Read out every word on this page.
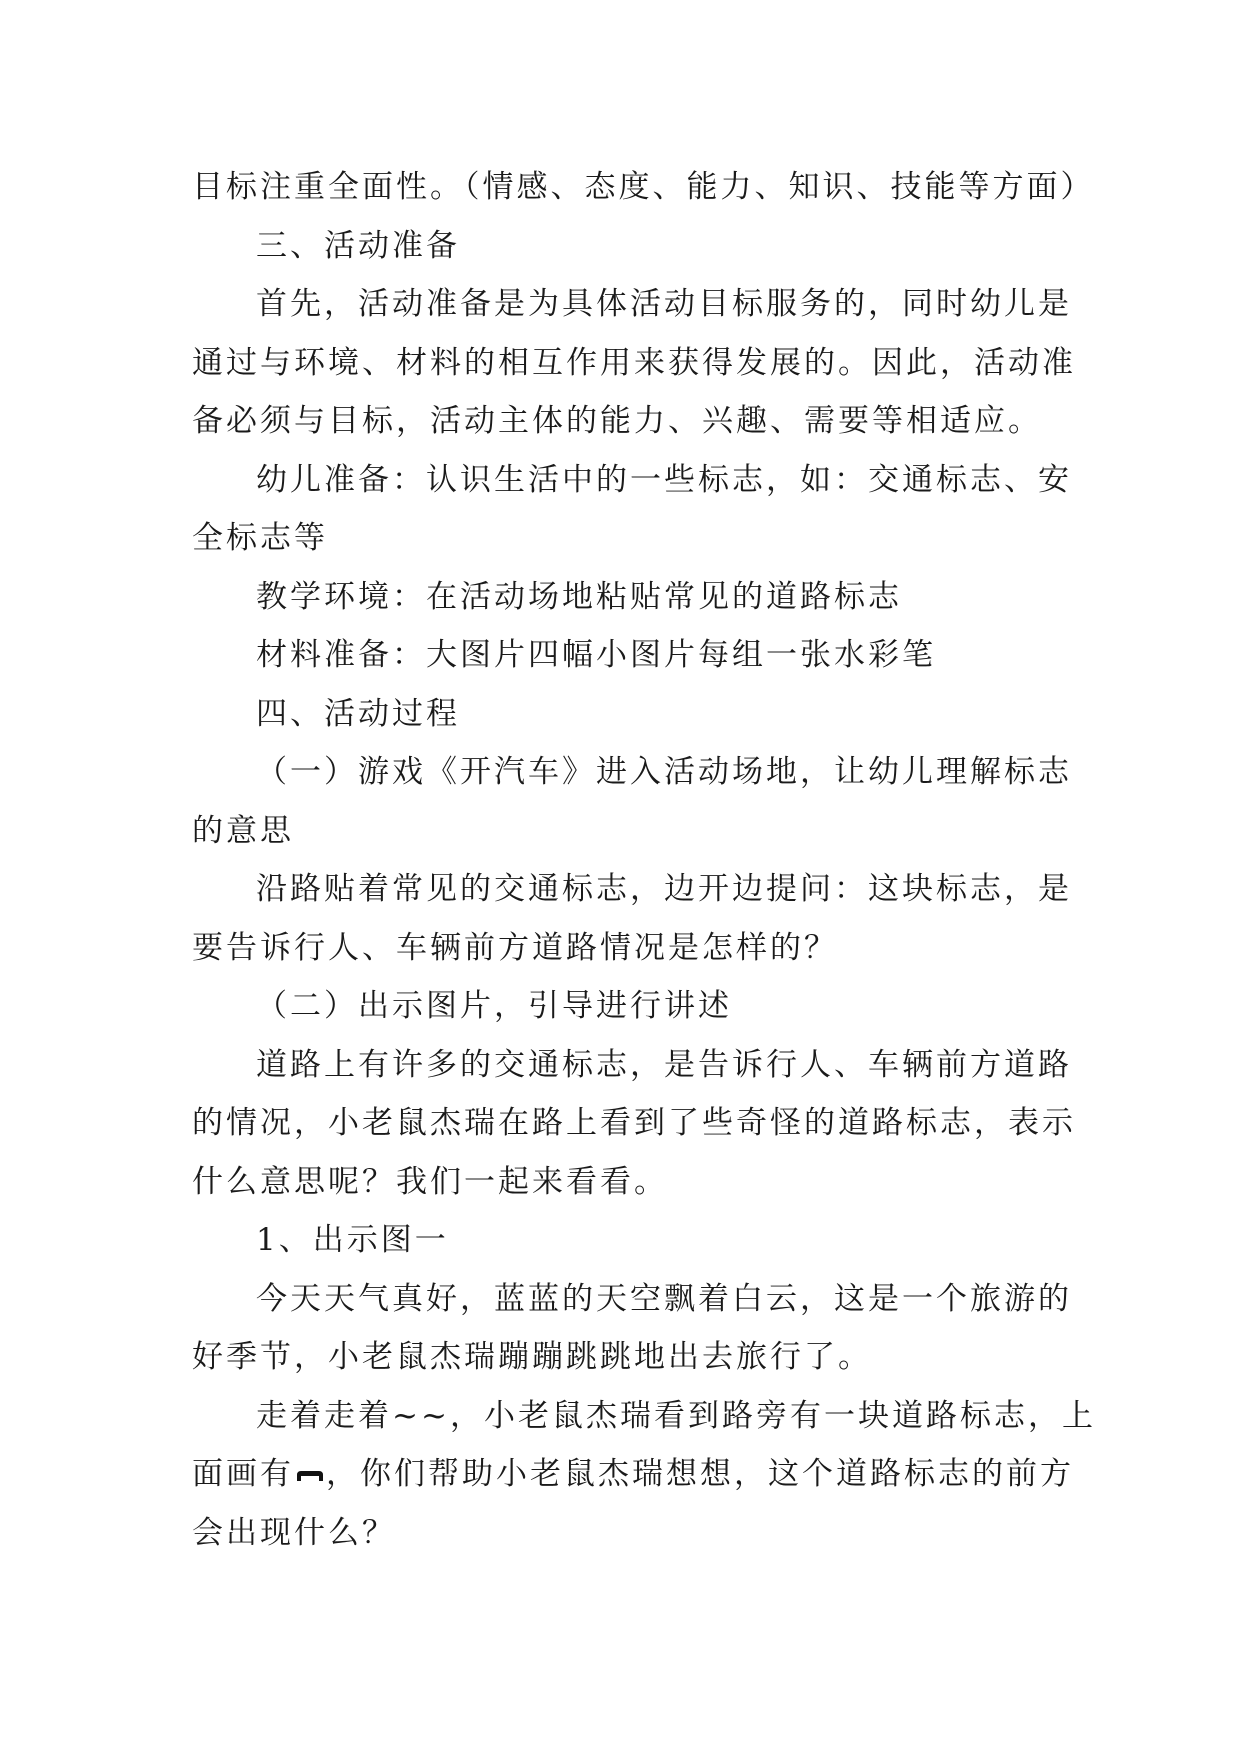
目标注重全面性。（情感、态度、能力、知识、技能等方面）
三、活动准备
首先，活动准备是为具体活动目标服务的，同时幼儿是
通过与环境、材料的相互作用来获得发展的。因此，活动准
备必须与目标，活动主体的能力、兴趣、需要等相适应。
幼儿准备：认识生活中的一些标志，如：交通标志、安
全标志等
教学环境：在活动场地粘贴常见的道路标志
材料准备：大图片四幅小图片每组一张水彩笔
四、活动过程
（一）游戏《开汽车》进入活动场地，让幼儿理解标志
的意思
沿路贴着常见的交通标志，边开边提问：这块标志，是
要告诉行人、车辆前方道路情况是怎样的？
（二）出示图片，引导进行讲述
道路上有许多的交通标志，是告诉行人、车辆前方道路
的情况，小老鼠杰瑞在路上看到了些奇怪的道路标志，表示
什么意思呢？我们一起来看看。
1、出示图一
今天天气真好，蓝蓝的天空飘着白云，这是一个旅游的
好季节，小老鼠杰瑞蹦蹦跳跳地出去旅行了。
走着走着~~，小老鼠杰瑞看到路旁有一块道路标志，上
面画有 ，你们帮助小老鼠杰瑞想想，这个道路标志的前方
会出现什么？
